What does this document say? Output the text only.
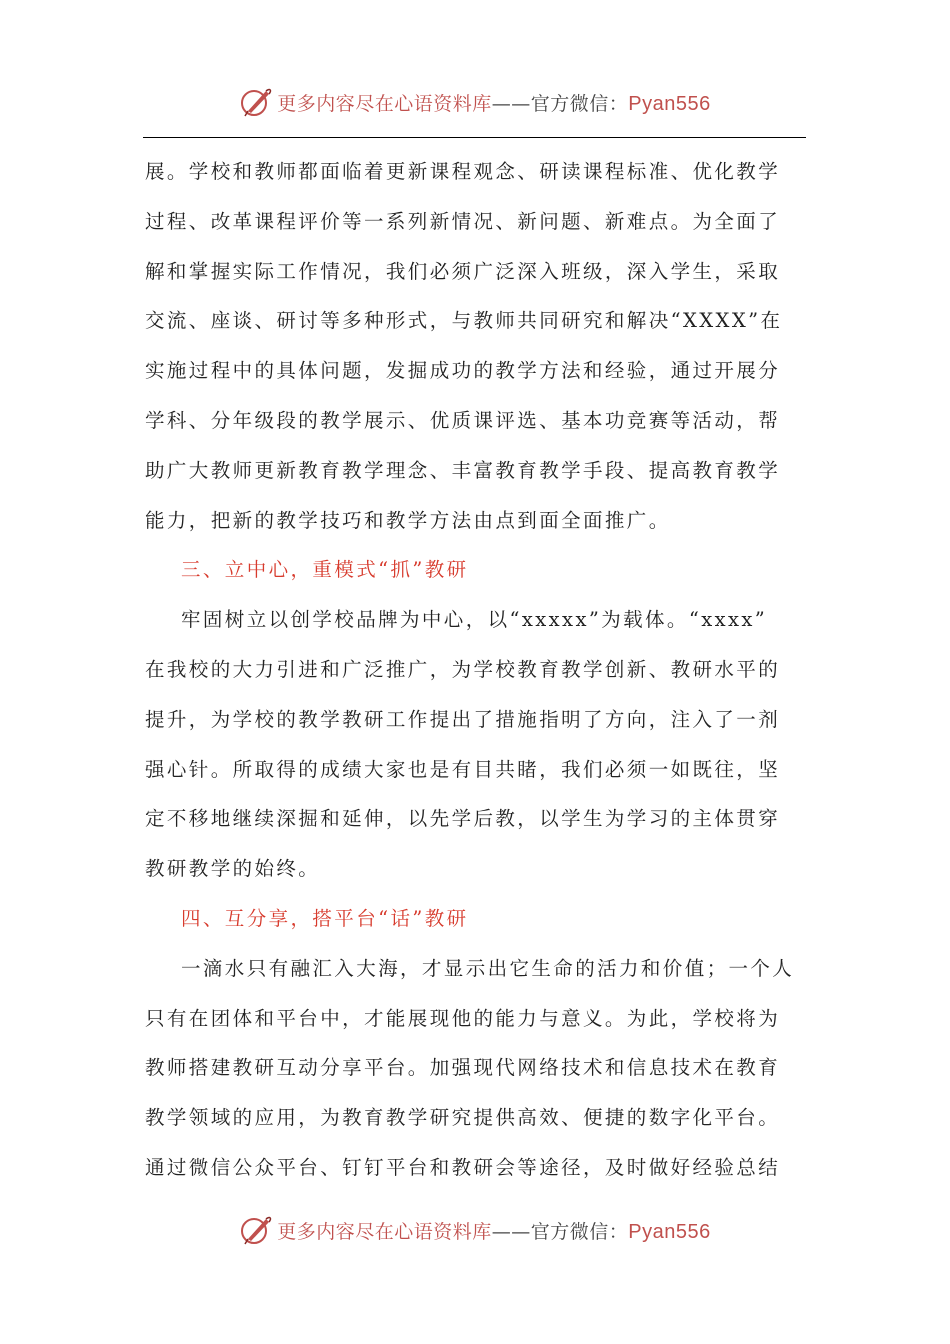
更多内容尽在心语资料库——官方微信：Pyan556
展。学校和教师都面临着更新课程观念、研读课程标准、优化教学
过程、改革课程评价等一系列新情况、新问题、新难点。为全面了
解和掌握实际工作情况，我们必须广泛深入班级，深入学生，采取
交流、座谈、研讨等多种形式，与教师共同研究和解决“XXXX”在
实施过程中的具体问题，发掘成功的教学方法和经验，通过开展分
学科、分年级段的教学展示、优质课评选、基本功竞赛等活动，帮
助广大教师更新教育教学理念、丰富教育教学手段、提高教育教学
能力，把新的教学技巧和教学方法由点到面全面推广。
三、立中心，重模式“抓”教研
牢固树立以创学校品牌为中心，以“xxxxx”为载体。“xxxx”
在我校的大力引进和广泛推广，为学校教育教学创新、教研水平的
提升，为学校的教学教研工作提出了措施指明了方向，注入了一剂
强心针。所取得的成绩大家也是有目共睹，我们必须一如既往，坚
定不移地继续深掘和延伸，以先学后教，以学生为学习的主体贯穿
教研教学的始终。
四、互分享，搭平台“话”教研
一滴水只有融汇入大海，才显示出它生命的活力和价值；一个人
只有在团体和平台中，才能展现他的能力与意义。为此，学校将为
教师搭建教研互动分享平台。加强现代网络技术和信息技术在教育
教学领域的应用，为教育教学研究提供高效、便捷的数字化平台。
通过微信公众平台、钉钉平台和教研会等途径，及时做好经验总结
更多内容尽在心语资料库——官方微信：Pyan556
